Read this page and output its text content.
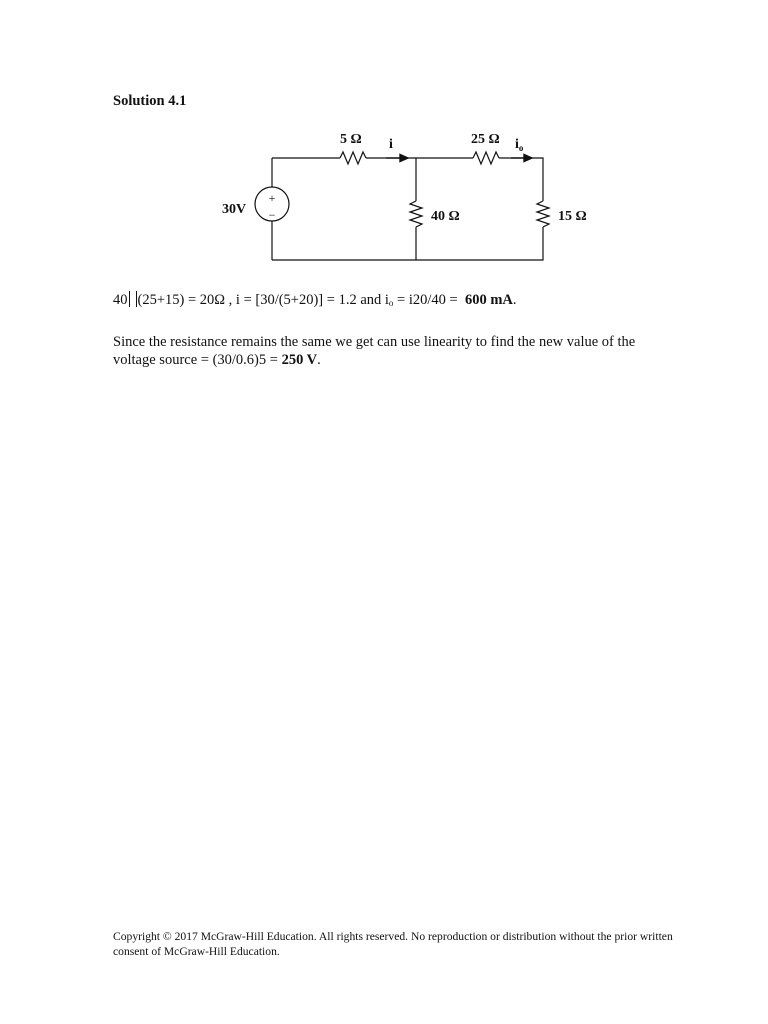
Solution 4.1
+
−
30V
5 Ω	25 Ω
40 Ω	15 Ω
i	$i_o$
40 (25+15) = 20Ω , i = [30/(5+20)] = 1.2 and $i_o = i20/40 = 600$ mA.
Since the resistance remains the same we get can use linearity to find the new value of the voltage source = (30/0.6)5 = 250 V.
Copyright © 2017 McGraw-Hill Education. All rights reserved. No reproduction or distribution without the prior written consent of McGraw-Hill Education.
